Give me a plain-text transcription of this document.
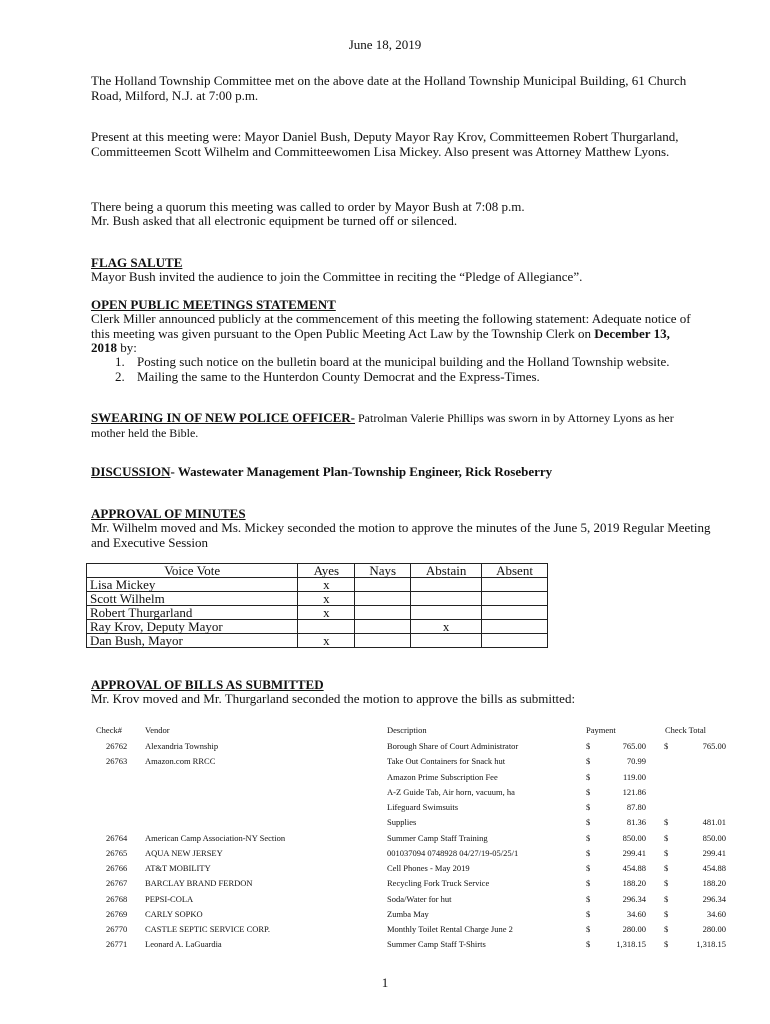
June 18, 2019
The Holland Township Committee met on the above date at the Holland Township Municipal Building, 61 Church Road, Milford, N.J. at 7:00 p.m.
Present at this meeting were: Mayor Daniel Bush, Deputy Mayor Ray Krov, Committeemen Robert Thurgarland, Committeemen Scott Wilhelm and Committeewomen Lisa Mickey. Also present was Attorney Matthew Lyons.
There being a quorum this meeting was called to order by Mayor Bush at 7:08 p.m.
Mr. Bush asked that all electronic equipment be turned off or silenced.
FLAG SALUTE
Mayor Bush invited the audience to join the Committee in reciting the “Pledge of Allegiance”.
OPEN PUBLIC MEETINGS STATEMENT
Clerk Miller announced publicly at the commencement of this meeting the following statement: Adequate notice of this meeting was given pursuant to the Open Public Meeting Act Law by the Township Clerk on December 13, 2018 by:
1. Posting such notice on the bulletin board at the municipal building and the Holland Township website.
2. Mailing the same to the Hunterdon County Democrat and the Express-Times.
SWEARING IN OF NEW POLICE OFFICER- Patrolman Valerie Phillips was sworn in by Attorney Lyons as her mother held the Bible.
DISCUSSION- Wastewater Management Plan-Township Engineer, Rick Roseberry
APPROVAL OF MINUTES
Mr. Wilhelm moved and Ms. Mickey seconded the motion to approve the minutes of the June 5, 2019 Regular Meeting and Executive Session
Voice Vote	Ayes	Nays	Abstain	Absent
Lisa Mickey	x			
Scott Wilhelm	x			
Robert Thurgarland	x			
Ray Krov, Deputy Mayor			x	
Dan Bush, Mayor	x			
APPROVAL OF BILLS AS SUBMITTED
Mr. Krov moved and Mr. Thurgarland seconded the motion to approve the bills as submitted:
Check#	Vendor	Description	Payment	Check Total
26762 Alexandria Township	Borough Share of Court Administrator	$	765.00 $	765.00
26763 Amazon.com RRCC	Take Out Containers for Snack hut	$	70.99
Amazon Prime Subscription Fee	$	119.00
A-Z Guide Tab, Air horn, vacuum, ha	$	121.86
Lifeguard Swimsuits	$	87.80
Supplies	$	81.36 $	481.01
26764 American Camp Association-NY Section	Summer Camp Staff Training	$	850.00 $	850.00
26765 AQUA NEW JERSEY	001037094 0748928 04/27/19-05/25/1	$	299.41 $	299.41
26766 AT&T MOBILITY	Cell Phones - May 2019	$	454.88 $	454.88
26767 BARCLAY BRAND FERDON	Recycling Fork Truck Service	$	188.20 $	188.20
26768 PEPSI-COLA	Soda/Water for hut	$	296.34 $	296.34
26769 CARLY SOPKO	Zumba May	$	34.60 $	34.60
26770 CASTLE SEPTIC SERVICE CORP.	Monthly Toilet Rental Charge June 2	$	280.00 $	280.00
26771 Leonard A. LaGuardia	Summer Camp Staff T-Shirts	$	1,318.15 $	1,318.15
1
